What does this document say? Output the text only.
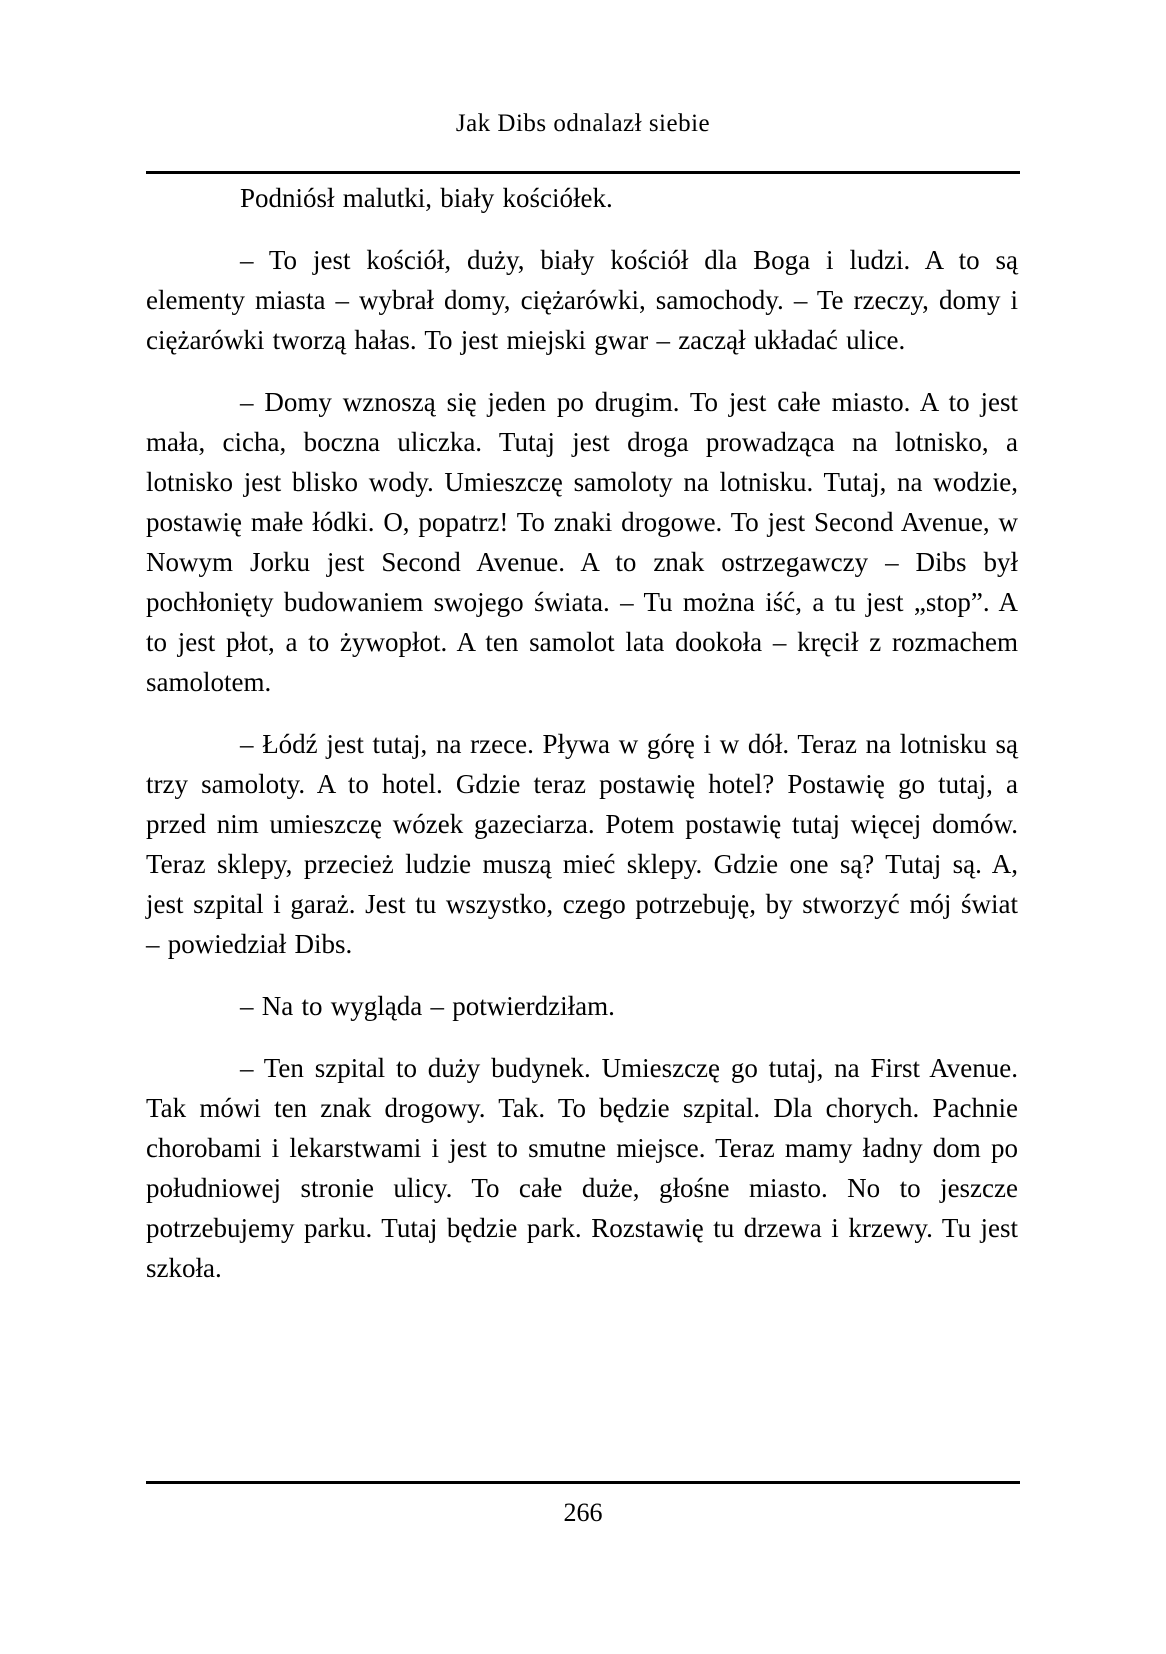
Jak Dibs odnalazł siebie

Podniósł malutki, biały kościółek.

– To jest kościół, duży, biały kościół dla Boga i ludzi. A to są elementy miasta – wybrał domy, ciężarówki, samochody. – Te rzeczy, domy i ciężarówki tworzą hałas. To jest miejski gwar – zaczął układać ulice.

– Domy wznoszą się jeden po drugim. To jest całe miasto. A to jest mała, cicha, boczna uliczka. Tutaj jest droga prowadząca na lotnisko, a lotnisko jest blisko wody. Umieszczę samoloty na lotnisku. Tutaj, na wodzie, postawię małe łódki. O, popatrz! To znaki drogowe. To jest Second Avenue, w Nowym Jorku jest Second Avenue. A to znak ostrzegawczy – Dibs był pochłonięty budowaniem swojego świata. – Tu można iść, a tu jest „stop”. A to jest płot, a to żywopłot. A ten samolot lata dookoła – kręcił z rozmachem samolotem.

– Łódź jest tutaj, na rzece. Pływa w górę i w dół. Teraz na lotnisku są trzy samoloty. A to hotel. Gdzie teraz postawię hotel? Postawię go tutaj, a przed nim umieszczę wózek gazeciarza. Potem postawię tutaj więcej domów. Teraz sklepy, przecież ludzie muszą mieć sklepy. Gdzie one są? Tutaj są. A, jest szpital i garaż. Jest tu wszystko, czego potrzebuję, by stworzyć mój świat – powiedział Dibs.

– Na to wygląda – potwierdziłam.

– Ten szpital to duży budynek. Umieszczę go tutaj, na First Avenue. Tak mówi ten znak drogowy. Tak. To będzie szpital. Dla chorych. Pachnie chorobami i lekarstwami i jest to smutne miejsce. Teraz mamy ładny dom po południowej stronie ulicy. To całe duże, głośne miasto. No to jeszcze potrzebujemy parku. Tutaj będzie park. Rozstawię tu drzewa i krzewy. Tu jest szkoła.

266
